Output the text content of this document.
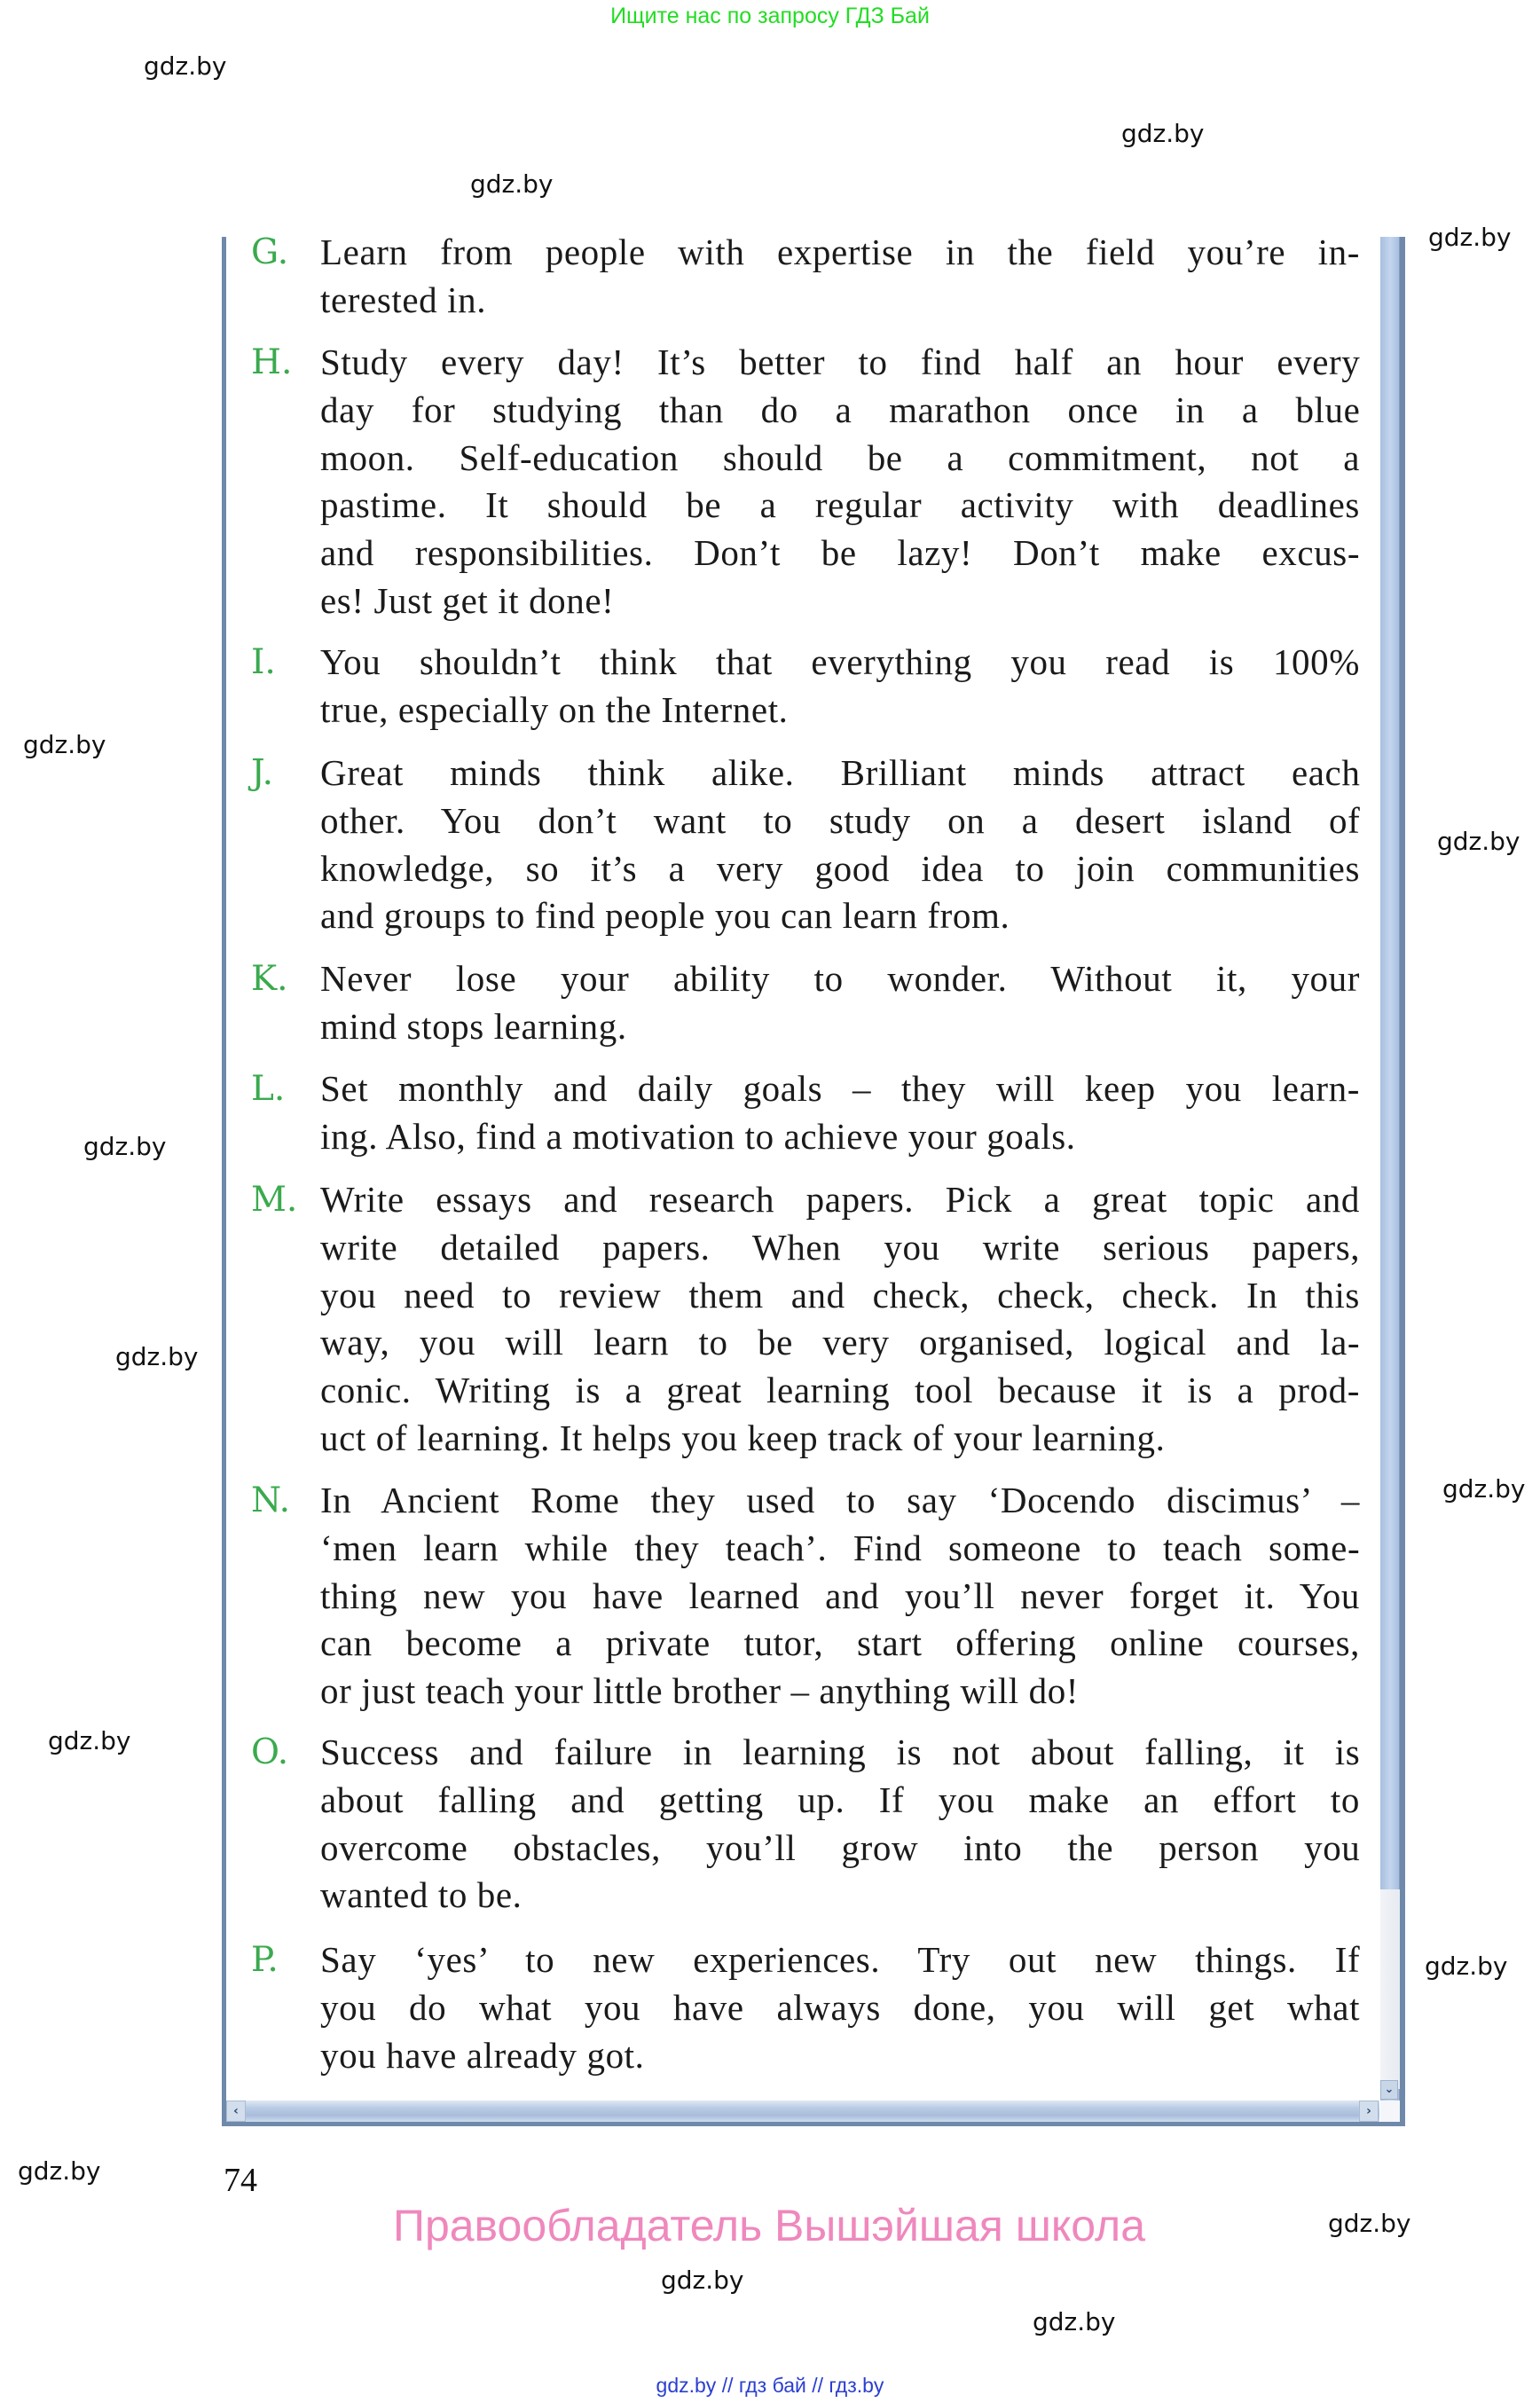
Ищите нас по запросу ГДЗ Бай
gdz.by
gdz.by
gdz.by
gdz.by
gdz.by
gdz.by
gdz.by
gdz.by
gdz.by
gdz.by
gdz.by
gdz.by
gdz.by
gdz.by
gdz.by
⌄
‹	›
G. Learn from people with expertise in the field you’re in-
terested in.
H. Study every day! It’s better to find half an hour every
day for studying than do a marathon once in a blue
moon. Self-education should be a commitment, not a
pastime. It should be a regular activity with deadlines
and responsibilities. Don’t be lazy! Don’t make excus-
es! Just get it done!
I.	You shouldn’t think that everything you read is 100%
true, especially on the Internet.
J.	Great minds think alike. Brilliant minds attract each
other. You don’t want to study on a desert island of
knowledge, so it’s a very good idea to join communities
and groups to find people you can learn from.
K. Never lose your ability to wonder. Without it, your
mind stops learning.
L. Set monthly and daily goals – they will keep you learn-
ing. Also, find a motivation to achieve your goals.
M. Write essays and research papers. Pick a great topic and
write detailed papers. When you write serious papers,
you need to review them and check, check, check. In this
way, you will learn to be very organised, logical and la-
conic. Writing is a great learning tool because it is a prod-
uct of learning. It helps you keep track of your learning.
N. In Ancient Rome they used to say ‘Docendo discimus’ –
‘men learn while they teach’. Find someone to teach some-
thing new you have learned and you’ll never forget it. You
can become a private tutor, start offering online courses,
or just teach your little brother – anything will do!
O. Success and failure in learning is not about falling, it is
about falling and getting up. If you make an effort to
overcome obstacles, you’ll grow into the person you
wanted to be.
P.	Say ‘yes’ to new experiences. Try out new things. If
you do what you have always done, you will get what
you have already got.
74
Правообладатель Вышэйшая школа
gdz.by // гдз бай // гдз.by
